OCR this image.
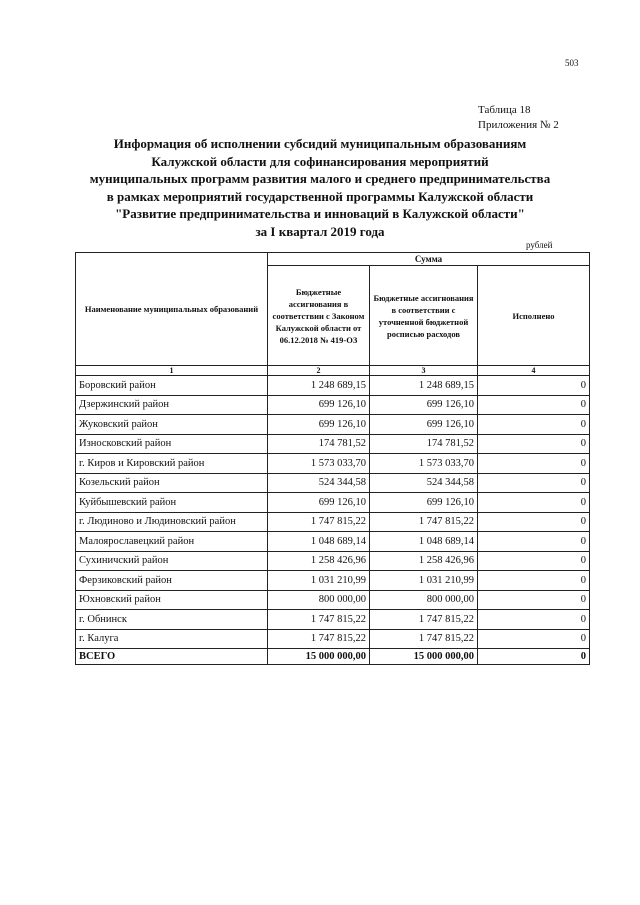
503
Таблица 18
Приложения № 2
Информация об исполнении субсидий муниципальным образованиям
Калужской области для софинансирования мероприятий
муниципальных программ развития малого и среднего предпринимательства
в рамках мероприятий государственной программы Калужской области
"Развитие предпринимательства и инноваций в Калужской области"
за I квартал 2019 года
рублей
Наименование муниципальных образований	Сумма		
	Бюджетные ассигнования в соответствии с Законом Калужской области от 06.12.2018 № 419-ОЗ	Бюджетные ассигнования в соответствии с уточненной бюджетной росписью расходов	Исполнено
1	2	3	4
Боровский район	1 248 689,15	1 248 689,15	0
Дзержинский район	699 126,10	699 126,10	0
Жуковский район	699 126,10	699 126,10	0
Износковский район	174 781,52	174 781,52	0
г. Киров и Кировский район	1 573 033,70	1 573 033,70	0
Козельский район	524 344,58	524 344,58	0
Куйбышевский район	699 126,10	699 126,10	0
г. Людиново и Людиновский район	1 747 815,22	1 747 815,22	0
Малоярославецкий район	1 048 689,14	1 048 689,14	0
Сухиничский район	1 258 426,96	1 258 426,96	0
Ферзиковский район	1 031 210,99	1 031 210,99	0
Юхновский район	800 000,00	800 000,00	0
г. Обнинск	1 747 815,22	1 747 815,22	0
г. Калуга	1 747 815,22	1 747 815,22	0
ВСЕГО	15 000 000,00	15 000 000,00	0
